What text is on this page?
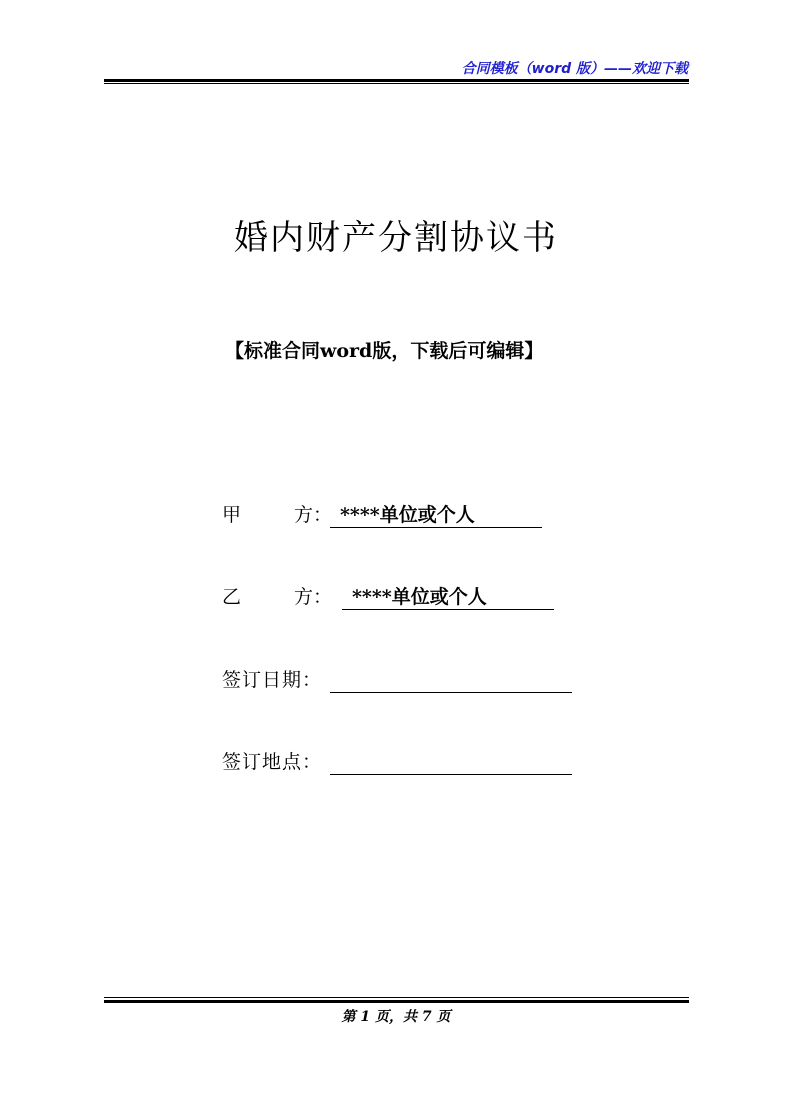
合同模板（word 版）——欢迎下载
婚内财产分割协议书
【标准合同word版，下载后可编辑】
甲	方： ****单位或个人
乙	方： ****单位或个人
签订日期：
签订地点：
第 1 页，共 7 页
